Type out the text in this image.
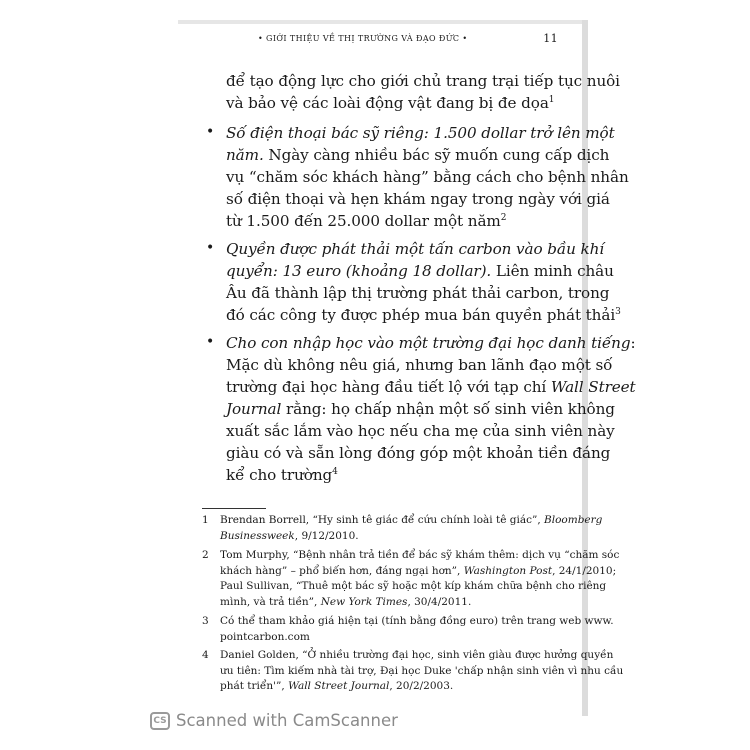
• GIỚI THIỆU VỀ THỊ TRƯỜNG VÀ ĐẠO ĐỨC •	11
để tạo động lực cho giới chủ trang trại tiếp tục nuôi
và bảo vệ các loài động vật đang bị đe dọa$^1$
• Số điện thoại bác sỹ riêng: 1.500 dollar trở lên một
năm. Ngày càng nhiều bác sỹ muốn cung cấp dịch
vụ “chăm sóc khách hàng” bằng cách cho bệnh nhân
số điện thoại và hẹn khám ngay trong ngày với giá
từ 1.500 đến 25.000 dollar một năm$^2$
• Quyền được phát thải một tấn carbon vào bầu khí
quyển: 13 euro (khoảng 18 dollar). Liên minh châu
Âu đã thành lập thị trường phát thải carbon, trong
đó các công ty được phép mua bán quyền phát thải$^3$
• Cho con nhập học vào một trường đại học danh tiếng:
Mặc dù không nêu giá, nhưng ban lãnh đạo một số
trường đại học hàng đầu tiết lộ với tạp chí Wall Street
Journal rằng: họ chấp nhận một số sinh viên không
xuất sắc lắm vào học nếu cha mẹ của sinh viên này
giàu có và sẵn lòng đóng góp một khoản tiền đáng
kể cho trường$^4$
1 Brendan Borrell, “Hy sinh tê giác để cứu chính loài tê giác”, Bloomberg
Businessweek, 9/12/2010.
2 Tom Murphy, “Bệnh nhân trả tiền để bác sỹ khám thêm: dịch vụ “chăm sóc
khách hàng” – phổ biến hơn, đáng ngại hơn”, Washington Post, 24/1/2010;
Paul Sullivan, “Thuê một bác sỹ hoặc một kíp khám chữa bệnh cho riêng
mình, và trả tiền”, New York Times, 30/4/2011.
3 Có thể tham khảo giá hiện tại (tính bằng đồng euro) trên trang web www.
pointcarbon.com
4 Daniel Golden, “Ở nhiều trường đại học, sinh viên giàu được hưởng quyền
ưu tiên: Tìm kiếm nhà tài trợ, Đại học Duke 'chấp nhận sinh viên vì nhu cầu
phát triển'”, Wall Street Journal, 20/2/2003.
CS Scanned with CamScanner
